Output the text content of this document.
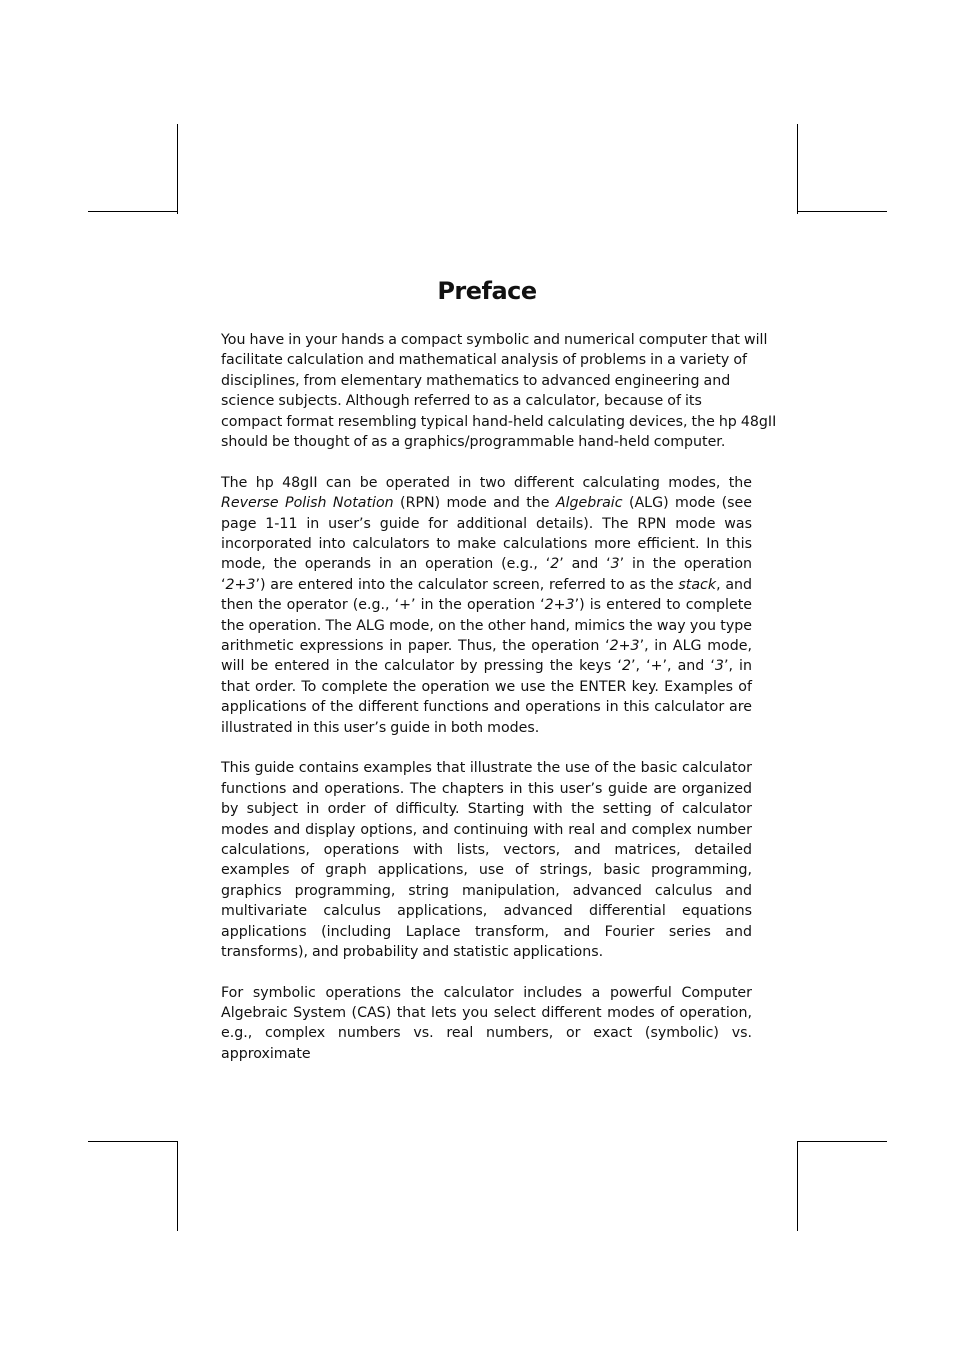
Preface

You have in your hands a compact symbolic and numerical computer that will
facilitate calculation and mathematical analysis of problems in a variety of
disciplines, from elementary mathematics to advanced engineering and
science subjects. Although referred to as a calculator, because of its
compact format resembling typical hand-held calculating devices, the hp 48gII
should be thought of as a graphics/programmable hand-held computer.

The hp 48gII can be operated in two different calculating modes, the Reverse Polish Notation (RPN) mode and the Algebraic (ALG) mode (see page 1-11 in user’s guide for additional details). The RPN mode was incorporated into calculators to make calculations more efficient. In this mode, the operands in an operation (e.g., ‘2’ and ‘3’ in the operation ‘2+3’) are entered into the calculator screen, referred to as the stack, and then the operator (e.g., ‘+’ in the operation ‘2+3’) is entered to complete the operation. The ALG mode, on the other hand, mimics the way you type arithmetic expressions in paper. Thus, the operation ‘2+3’, in ALG mode, will be entered in the calculator by pressing the keys ‘2’, ‘+’, and ‘3’, in that order. To complete the operation we use the ENTER key. Examples of applications of the different functions and operations in this calculator are illustrated in this user’s guide in both modes.

This guide contains examples that illustrate the use of the basic calculator functions and operations. The chapters in this user’s guide are organized by subject in order of difficulty. Starting with the setting of calculator modes and display options, and continuing with real and complex number calculations, operations with lists, vectors, and matrices, detailed examples of graph applications, use of strings, basic programming, graphics programming, string manipulation, advanced calculus and multivariate calculus applications, advanced differential equations applications (including Laplace transform, and Fourier series and transforms), and probability and statistic applications.

For symbolic operations the calculator includes a powerful Computer Algebraic System (CAS) that lets you select different modes of operation, e.g., complex numbers vs. real numbers, or exact (symbolic) vs. approximate
